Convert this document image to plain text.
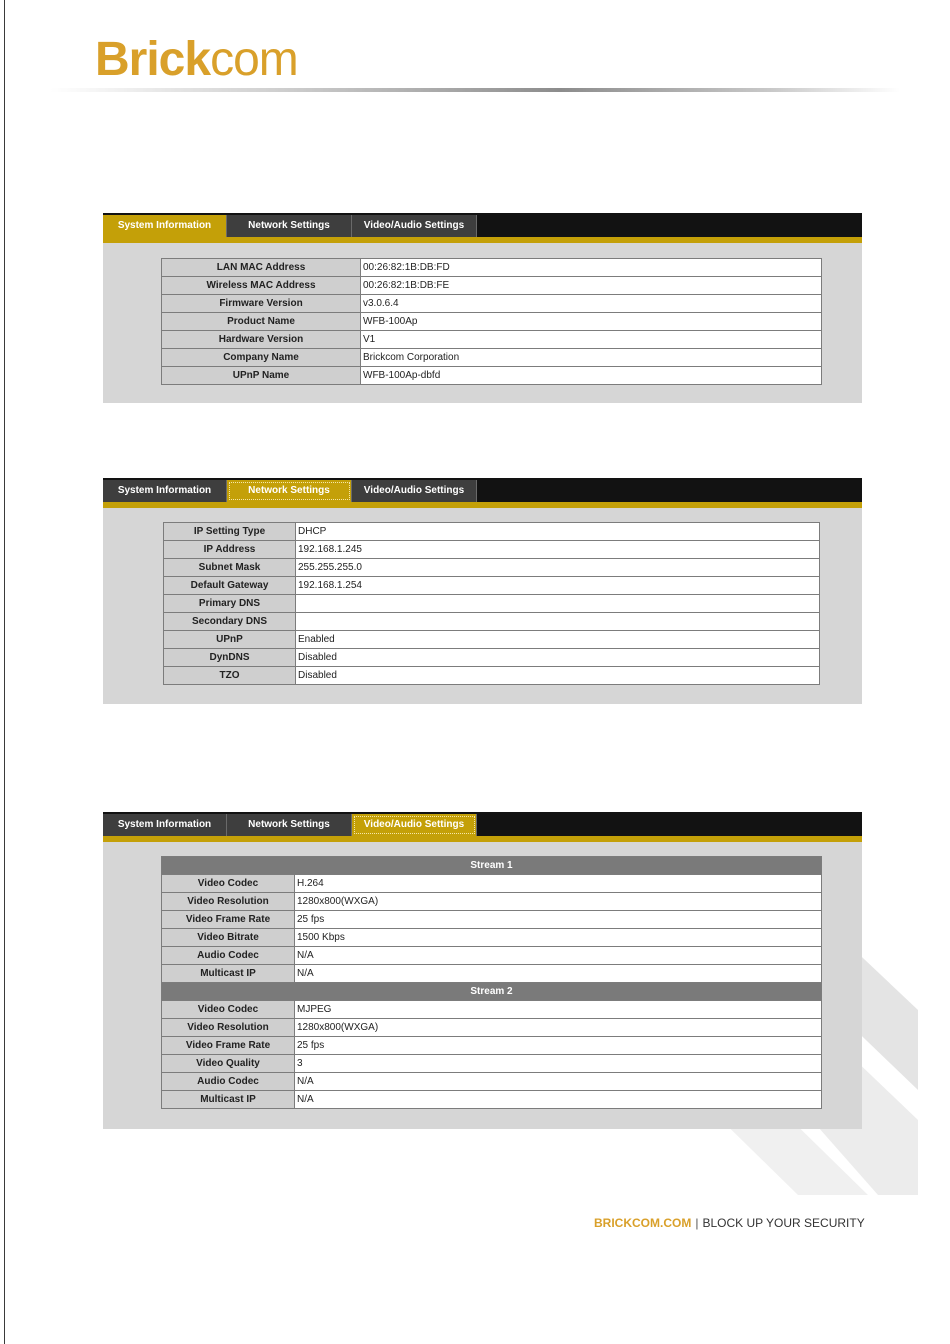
Brickcom
System Information	Network Settings	Video/Audio Settings
LAN MAC Address	00:26:82:1B:DB:FD
Wireless MAC Address	00:26:82:1B:DB:FE
Firmware Version	v3.0.6.4
Product Name	WFB-100Ap
Hardware Version	V1
Company Name	Brickcom Corporation
UPnP Name	WFB-100Ap-dbfd
System Information	Network Settings	Video/Audio Settings
IP Setting Type	DHCP
IP Address	192.168.1.245
Subnet Mask	255.255.255.0
Default Gateway	192.168.1.254
Primary DNS	
Secondary DNS	
UPnP	Enabled
DynDNS	Disabled
TZO	Disabled
System Information	Network Settings	Video/Audio Settings
Stream 1	
Video Codec	H.264
Video Resolution	1280x800(WXGA)
Video Frame Rate	25 fps
Video Bitrate	1500 Kbps
Audio Codec	N/A
Multicast IP	N/A
Stream 2	
Video Codec	MJPEG
Video Resolution	1280x800(WXGA)
Video Frame Rate	25 fps
Video Quality	3
Audio Codec	N/A
Multicast IP	N/A
BRICKCOM.COM | BLOCK UP YOUR SECURITY
